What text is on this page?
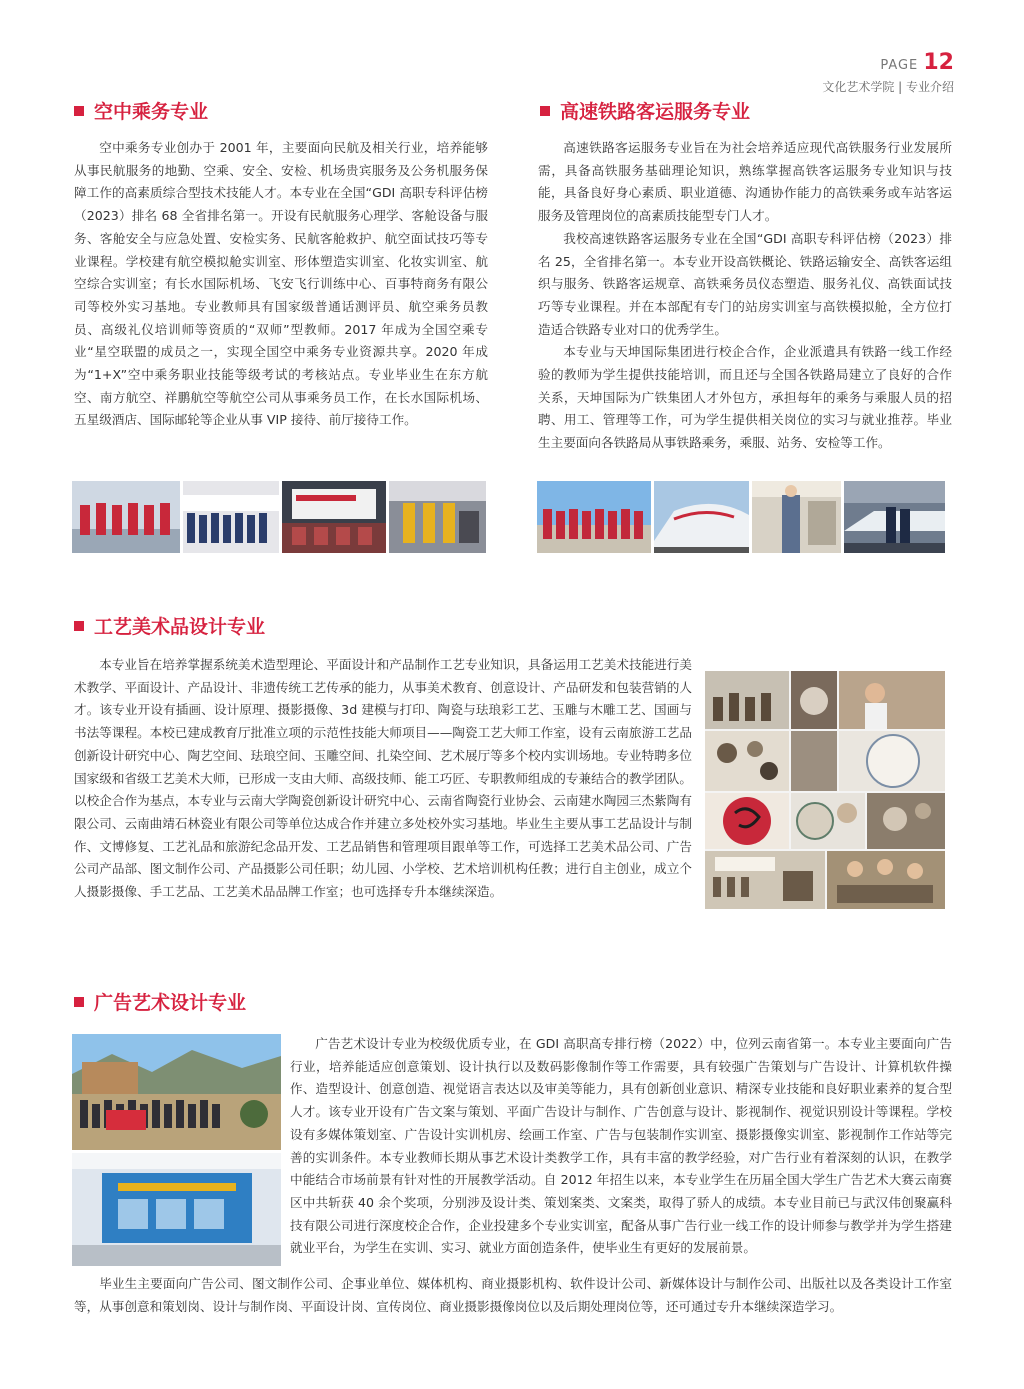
PAGE 12
文化艺术学院 | 专业介绍
空中乘务专业

空中乘务专业创办于 2001 年，主要面向民航及相关行业，培养能够从事民航服务的地勤、空乘、安全、安检、机场贵宾服务及公务机服务保障工作的高素质综合型技术技能人才。本专业在全国“GDI 高职专科评估榜（2023）排名 68 全省排名第一。开设有民航服务心理学、客舱设备与服务、客舱安全与应急处置、安检实务、民航客舱救护、航空面试技巧等专业课程。学校建有航空模拟舱实训室、形体塑造实训室、化妆实训室、航空综合实训室；有长水国际机场、飞安飞行训练中心、百事特商务有限公司等校外实习基地。专业教师具有国家级普通话测评员、航空乘务员教员、高级礼仪培训师等资质的“双师”型教师。2017 年成为全国空乘专业“星空联盟的成员之一，实现全国空中乘务专业资源共享。2020 年成为“1+X”空中乘务职业技能等级考试的考核站点。专业毕业生在东方航空、南方航空、祥鹏航空等航空公司从事乘务员工作，在长水国际机场、五星级酒店、国际邮轮等企业从事 VIP 接待、前厅接待工作。

高速铁路客运服务专业

高速铁路客运服务专业旨在为社会培养适应现代高铁服务行业发展所需，具备高铁服务基础理论知识，熟练掌握高铁客运服务专业知识与技能，具备良好身心素质、职业道德、沟通协作能力的高铁乘务或车站客运服务及管理岗位的高素质技能型专门人才。

我校高速铁路客运服务专业在全国“GDI 高职专科评估榜（2023）排名 25，全省排名第一。本专业开设高铁概论、铁路运输安全、高铁客运组织与服务、铁路客运规章、高铁乘务员仪态塑造、服务礼仪、高铁面试技巧等专业课程。并在本部配有专门的站房实训室与高铁模拟舱，全方位打造适合铁路专业对口的优秀学生。

本专业与天坤国际集团进行校企合作，企业派遣具有铁路一线工作经验的教师为学生提供技能培训，而且还与全国各铁路局建立了良好的合作关系，天坤国际为广铁集团人才外包方，承担每年的乘务与乘服人员的招聘、用工、管理等工作，可为学生提供相关岗位的实习与就业推荐。毕业生主要面向各铁路局从事铁路乘务，乘服、站务、安检等工作。

工艺美术品设计专业

本专业旨在培养掌握系统美术造型理论、平面设计和产品制作工艺专业知识，具备运用工艺美术技能进行美术教学、平面设计、产品设计、非遗传统工艺传承的能力，从事美术教育、创意设计、产品研发和包装营销的人才。该专业开设有插画、设计原理、摄影摄像、3d 建模与打印、陶瓷与珐琅彩工艺、玉雕与木雕工艺、国画与书法等课程。本校已建成教育厅批准立项的示范性技能大师项目——陶瓷工艺大师工作室，设有云南旅游工艺品创新设计研究中心、陶艺空间、珐琅空间、玉雕空间、扎染空间、艺术展厅等多个校内实训场地。专业特聘多位国家级和省级工艺美术大师，已形成一支由大师、高级技师、能工巧匠、专职教师组成的专兼结合的教学团队。以校企合作为基点，本专业与云南大学陶瓷创新设计研究中心、云南省陶瓷行业协会、云南建水陶园三杰紫陶有限公司、云南曲靖石林瓷业有限公司等单位达成合作并建立多处校外实习基地。毕业生主要从事工艺品设计与制作、文博修复、工艺礼品和旅游纪念品开发、工艺品销售和管理项目跟单等工作，可选择工艺美术品公司、广告公司产品部、图文制作公司、产品摄影公司任职；幼儿园、小学校、艺术培训机构任教；进行自主创业，成立个人摄影摄像、手工艺品、工艺美术品品牌工作室；也可选择专升本继续深造。

广告艺术设计专业

广告艺术设计专业为校级优质专业，在 GDI 高职高专排行榜（2022）中，位列云南省第一。本专业主要面向广告行业，培养能适应创意策划、设计执行以及数码影像制作等工作需要，具有较强广告策划与广告设计、计算机软件操作、造型设计、创意创造、视觉语言表达以及审美等能力，具有创新创业意识、精深专业技能和良好职业素养的复合型人才。该专业开设有广告文案与策划、平面广告设计与制作、广告创意与设计、影视制作、视觉识别设计等课程。学校设有多媒体策划室、广告设计实训机房、绘画工作室、广告与包装制作实训室、摄影摄像实训室、影视制作工作站等完善的实训条件。本专业教师长期从事艺术设计类教学工作，具有丰富的教学经验，对广告行业有着深刻的认识，在教学中能结合市场前景有针对性的开展教学活动。自 2012 年招生以来，本专业学生在历届全国大学生广告艺术大赛云南赛区中共斩获 40 余个奖项，分别涉及设计类、策划案类、文案类，取得了骄人的成绩。本专业目前已与武汉伟创聚赢科技有限公司进行深度校企合作，企业投建多个专业实训室，配备从事广告行业一线工作的设计师参与教学并为学生搭建就业平台，为学生在实训、实习、就业方面创造条件，使毕业生有更好的发展前景。

毕业生主要面向广告公司、图文制作公司、企事业单位、媒体机构、商业摄影机构、软件设计公司、新媒体设计与制作公司、出版社以及各类设计工作室等，从事创意和策划岗、设计与制作岗、平面设计岗、宣传岗位、商业摄影摄像岗位以及后期处理岗位等，还可通过专升本继续深造学习。
